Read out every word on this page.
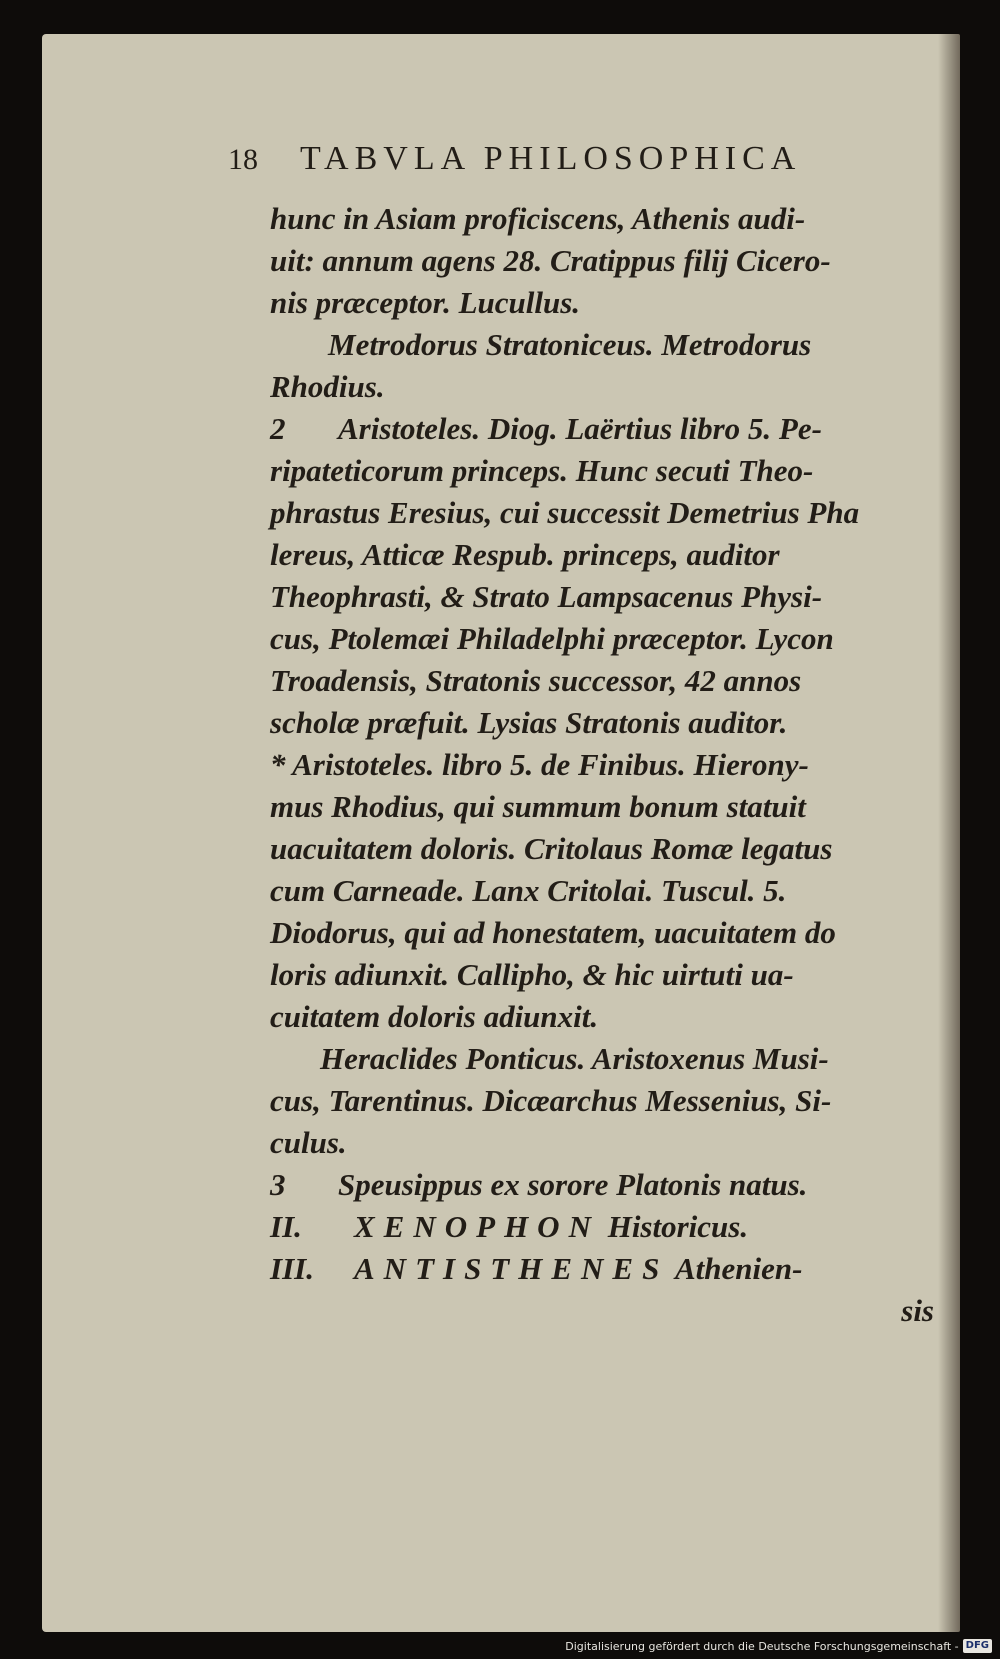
18	TABVLA PHILOSOPHICA
hunc in Asiam proficiscens, Athenis audi-
uit: annum agens 28. Cratippus filij Cicero-
nis præceptor. Lucullus.
Metrodorus Stratoniceus. Metrodorus
Rhodius.
2 Aristoteles. Diog. Laërtius libro 5. Pe-
ripateticorum princeps. Hunc secuti Theo-
phrastus Eresius, cui successit Demetrius Pha
lereus, Atticæ Respub. princeps, auditor
Theophrasti, & Strato Lampsacenus Physi-
cus, Ptolemæi Philadelphi præceptor. Lycon
Troadensis, Stratonis successor, 42 annos
scholæ præfuit. Lysias Stratonis auditor.
* Aristoteles. libro 5. de Finibus. Hierony-
mus Rhodius, qui summum bonum statuit
uacuitatem doloris. Critolaus Romæ legatus
cum Carneade. Lanx Critolai. Tuscul. 5.
Diodorus, qui ad honestatem, uacuitatem do
loris adiunxit. Callipho, & hic uirtuti ua-
cuitatem doloris adiunxit.
Heraclides Ponticus. Aristoxenus Musi-
cus, Tarentinus. Dicæarchus Messenius, Si-
culus.
3 Speusippus ex sorore Platonis natus.
II. XENOPHON Historicus.
III. ANTISTHENES Athenien-
sis
Digitalisierung gefördert durch die Deutsche Forschungsgemeinschaft - DFG
